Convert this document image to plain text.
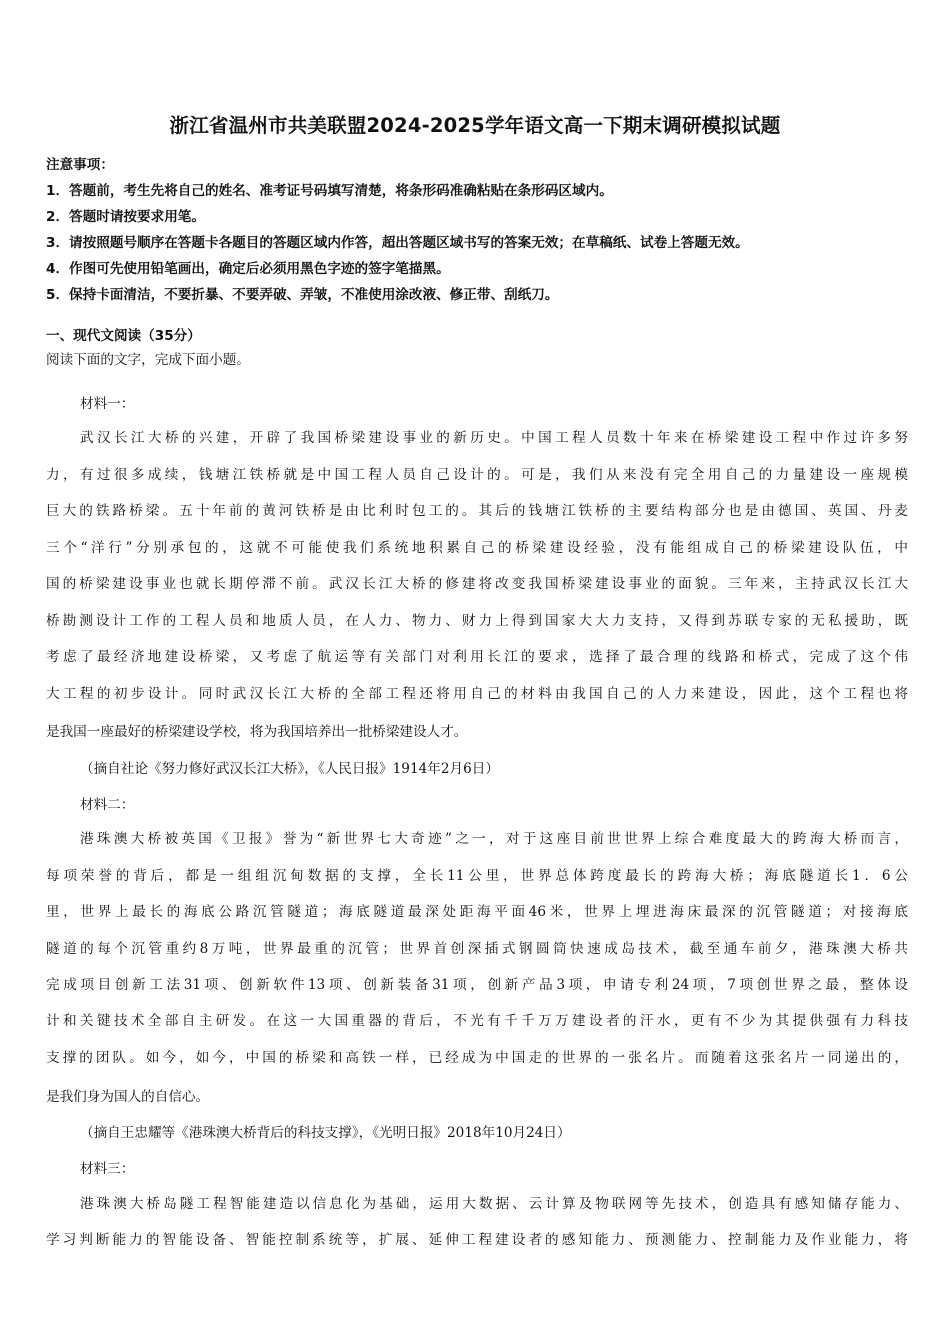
浙江省温州市共美联盟2024-2025学年语文高一下期末调研模拟试题
注意事项：
1．答题前，考生先将自己的姓名、准考证号码填写清楚，将条形码准确粘贴在条形码区域内。
2．答题时请按要求用笔。
3．请按照题号顺序在答题卡各题目的答题区域内作答，超出答题区域书写的答案无效；在草稿纸、试卷上答题无效。
4．作图可先使用铅笔画出，确定后必须用黑色字迹的签字笔描黑。
5．保持卡面清洁，不要折暴、不要弄破、弄皱，不准使用涂改液、修正带、刮纸刀。
一、现代文阅读（35分）
阅读下面的文字，完成下面小题。
材料一：
武汉长江大桥的兴建，开辟了我国桥梁建设事业的新历史。中国工程人员数十年来在桥梁建设工程中作过许多努
力，有过很多成续，钱塘江铁桥就是中国工程人员自己设计的。可是，我们从来没有完全用自己的力量建设一座规模
巨大的铁路桥梁。五十年前的黄河铁桥是由比利时包工的。其后的钱塘江铁桥的主要结构部分也是由德国、英国、丹麦
三个“洋行”分别承包的，这就不可能使我们系统地积累自己的桥梁建设经验，没有能组成自己的桥梁建设队伍，中
国的桥梁建设事业也就长期停滞不前。武汉长江大桥的修建将改变我国桥梁建设事业的面貌。三年来，主持武汉长江大
桥勘测设计工作的工程人员和地质人员，在人力、物力、财力上得到国家大大力支持，又得到苏联专家的无私援助，既
考虑了最经济地建设桥梁，又考虑了航运等有关部门对利用长江的要求，选择了最合理的线路和桥式，完成了这个伟
大工程的初步设计。同时武汉长江大桥的全部工程还将用自己的材料由我国自己的人力来建设，因此，这个工程也将
是我国一座最好的桥梁建设学校，将为我国培养出一批桥梁建设人才。
（摘自社论《努力修好武汉长江大桥》，《人民日报》1914年2月6日）
材料二：
港珠澳大桥被英国《卫报》誉为“新世界七大奇迹”之一，对于这座目前世世界上综合难度最大的跨海大桥而言，
每项荣誉的背后，都是一组组沉甸数据的支撑，全长11公里，世界总体跨度最长的跨海大桥；海底隧道长1．6公
里，世界上最长的海底公路沉管隧道；海底隧道最深处距海平面46米，世界上埋进海床最深的沉管隧道；对接海底
隧道的每个沉管重约8万吨，世界最重的沉管；世界首创深插式钢圆筒快速成岛技术，截至通车前夕，港珠澳大桥共
完成项目创新工法31项、创新软件13项、创新装备31项，创新产品3项，申请专利24项，7项创世界之最，整体设
计和关键技术全部自主研发。在这一大国重器的背后，不光有千千万万建设者的汗水，更有不少为其提供强有力科技
支撑的团队。如今，如今，中国的桥梁和高铁一样，已经成为中国走的世界的一张名片。而随着这张名片一同递出的，
是我们身为国人的自信心。
（摘自王忠耀等《港珠澳大桥背后的科技支撑》，《光明日报》2018年10月24日）
材料三：
港珠澳大桥岛隧工程智能建造以信息化为基础，运用大数据、云计算及物联网等先技术，创造具有感知储存能力、
学习判断能力的智能设备、智能控制系统等，扩展、延伸工程建设者的感知能力、预测能力、控制能力及作业能力，将
